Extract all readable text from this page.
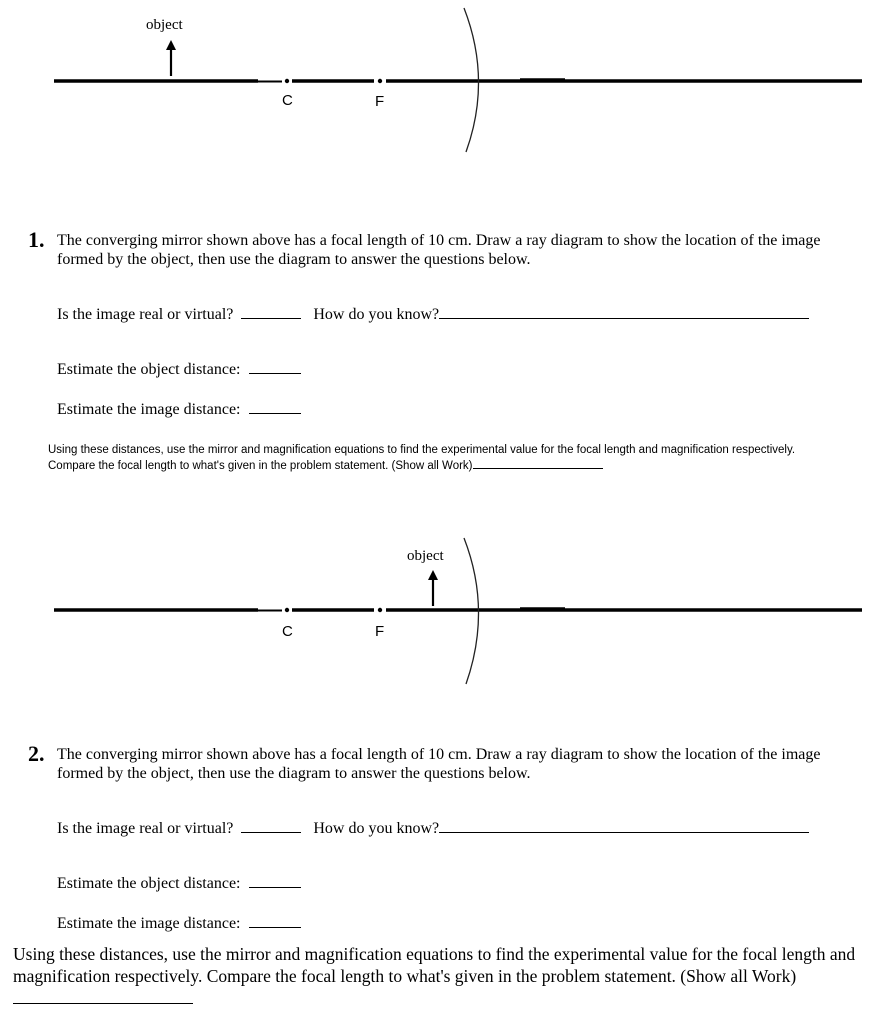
object
C	F
1. The converging mirror shown above has a focal length of 10 cm. Draw a ray diagram to show the location of the image formed by the object, then use the diagram to answer the questions below.
Is the image real or virtual?	How do you know?
Estimate the object distance:
Estimate the image distance:
Using these distances, use the mirror and magnification equations to find the experimental value for the focal length and magnification respectively. Compare the focal length to what's given in the problem statement. (Show all Work)
object
C	F
2. The converging mirror shown above has a focal length of 10 cm. Draw a ray diagram to show the location of the image formed by the object, then use the diagram to answer the questions below.
Is the image real or virtual?	How do you know?
Estimate the object distance:
Estimate the image distance:
Using these distances, use the mirror and magnification equations to find the experimental value for the focal length and magnification respectively. Compare the focal length to what's given in the problem statement. (Show all Work)
